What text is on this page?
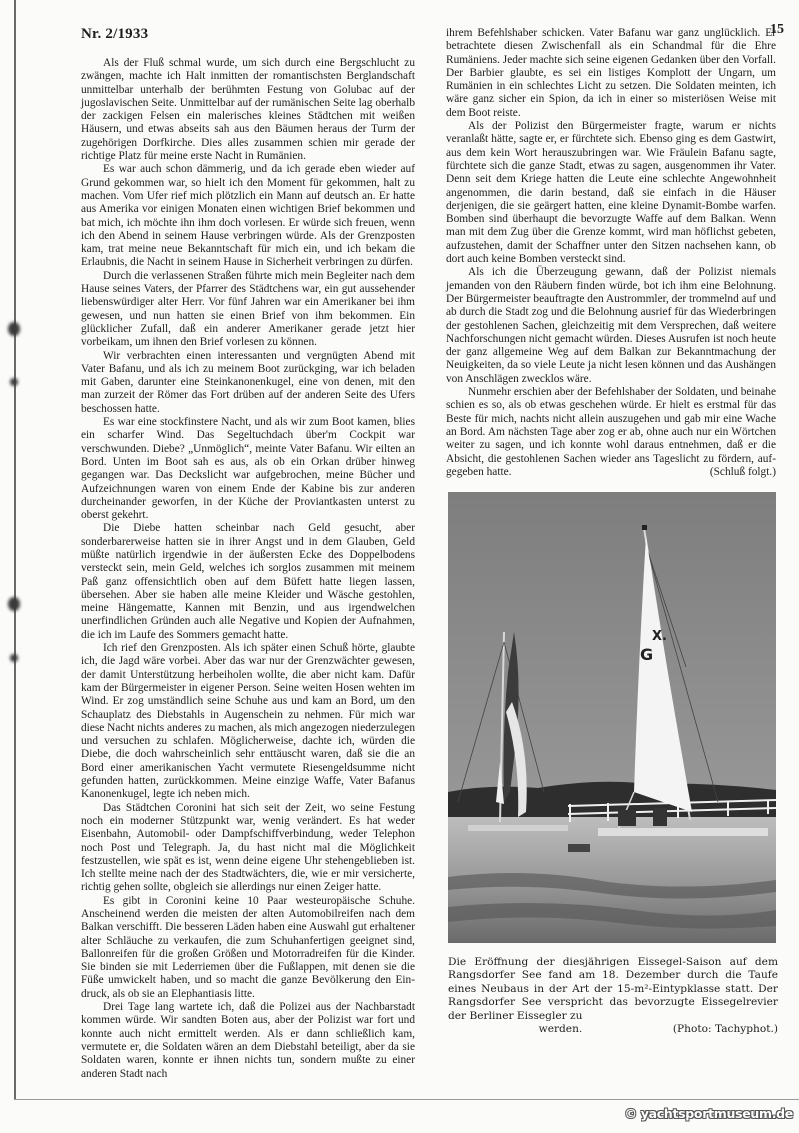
Nr. 2/1933	15

Als der Fluß schmal wurde, um sich durch eine Bergschlucht zu zwängen, machte ich Halt inmitten der romantischsten Berglandschaft unmittelbar unterhalb der berühmten Festung von Golubac auf der jugoslavischen Seite. Unmittelbar auf der rumänischen Seite lag oberhalb der zackigen Felsen ein malerisches kleines Städtchen mit weißen Häusern, und etwas abseits sah aus den Bäumen heraus der Turm der zugehörigen Dorfkirche. Dies alles zusammen schien mir gerade der richtige Platz für meine erste Nacht in Rumänien.

Es war auch schon dämmerig, und da ich gerade eben wieder auf Grund gekommen war, so hielt ich den Moment für gekommen, halt zu machen. Vom Ufer rief mich plötzlich ein Mann auf deutsch an. Er hatte aus Amerika vor einigen Monaten einen wichtigen Brief bekommen und bat mich, ich möchte ihn ihm doch vorlesen. Er würde sich freuen, wenn ich den Abend in seinem Hause verbringen würde. Als der Grenzposten kam, trat meine neue Bekanntschaft für mich ein, und ich bekam die Erlaubnis, die Nacht in seinem Hause in Sicherheit verbringen zu dürfen.

Durch die verlassenen Straßen führte mich mein Begleiter nach dem Hause seines Vaters, der Pfarrer des Städtchens war, ein gut aussehender liebenswürdiger alter Herr. Vor fünf Jahren war ein Amerikaner bei ihm gewesen, und nun hatten sie einen Brief von ihm bekommen. Ein glücklicher Zufall, daß ein anderer Amerikaner gerade jetzt hier vorbeikam, um ihnen den Brief vorlesen zu können.

Wir verbrachten einen interessanten und vergnügten Abend mit Vater Bafanu, und als ich zu meinem Boot zurückging, war ich beladen mit Gaben, darunter eine Steinkanonenkugel, eine von denen, mit den man zurzeit der Römer das Fort drüben auf der anderen Seite des Ufers beschossen hatte.

Es war eine stockfinstere Nacht, und als wir zum Boot kamen, blies ein scharfer Wind. Das Segeltuchdach über'm Cockpit war verschwunden. Diebe? „Unmöglich“, meinte Vater Bafanu. Wir eilten an Bord. Unten im Boot sah es aus, als ob ein Orkan drüber hinweg gegangen war. Das Deckslicht war aufgebrochen, meine Bücher und Aufzeichnungen waren von einem Ende der Kabine bis zur anderen durcheinander geworfen, in der Küche der Proviantkasten unterst zu oberst gekehrt.

Die Diebe hatten scheinbar nach Geld gesucht, aber sonderbarerweise hatten sie in ihrer Angst und in dem Glauben, Geld müßte natürlich irgendwie in der äußersten Ecke des Doppelbodens versteckt sein, mein Geld, welches ich sorglos zusammen mit meinem Paß ganz offensichtlich oben auf dem Büfett hatte liegen lassen, übersehen. Aber sie haben alle meine Kleider und Wäsche gestohlen, meine Hängematte, Kannen mit Benzin, und aus irgendwelchen unerfindlichen Gründen auch alle Negative und Kopien der Aufnahmen, die ich im Laufe des Sommers gemacht hatte.

Ich rief den Grenzposten. Als ich später einen Schuß hörte, glaubte ich, die Jagd wäre vorbei. Aber das war nur der Grenzwächter gewesen, der damit Unterstützung herbeiholen wollte, die aber nicht kam. Dafür kam der Bürgermeister in eigener Person. Seine weiten Hosen wehten im Wind. Er zog umständlich seine Schuhe aus und kam an Bord, um den Schauplatz des Diebstahls in Augenschein zu nehmen. Für mich war diese Nacht nichts anderes zu machen, als mich angezogen niederzulegen und versuchen zu schlafen. Möglicherweise, dachte ich, würden die Diebe, die doch wahrscheinlich sehr enttäuscht waren, daß sie die an Bord einer amerikanischen Yacht vermutete Riesengeldsumme nicht gefunden hatten, zurückkommen. Meine einzige Waffe, Vater Bafanus Kanonenkugel, legte ich neben mich.

Das Städtchen Coronini hat sich seit der Zeit, wo seine Festung noch ein moderner Stützpunkt war, wenig verändert. Es hat weder Eisenbahn, Automobil- oder Dampfschiffverbindung, weder Telephon noch Post und Telegraph. Ja, du hast nicht mal die Möglichkeit festzustellen, wie spät es ist, wenn deine eigene Uhr stehengeblieben ist. Ich stellte meine nach der des Stadtwächters, die, wie er mir versicherte, richtig gehen sollte, obgleich sie allerdings nur einen Zeiger hatte.

Es gibt in Coronini keine 10 Paar westeuropäische Schuhe. Anscheinend werden die meisten der alten Automobilreifen nach dem Balkan verschifft. Die besseren Läden haben eine Auswahl gut erhaltener alter Schläuche zu verkaufen, die zum Schuhanfertigen geeignet sind, Ballonreifen für die großen Größen und Motorradreifen für die Kinder. Sie binden sie mit Lederriemen über die Fußlappen, mit denen sie die Füße umwickelt haben, und so macht die ganze Bevölkerung den Eindruck, als ob sie an Elephantiasis litte.

Drei Tage lang wartete ich, daß die Polizei aus der Nachbarstadt kommen würde. Wir sandten Boten aus, aber der Polizist war fort und konnte auch nicht ermittelt werden. Als er dann schließlich kam, vermutete er, die Soldaten wären an dem Diebstahl beteiligt, aber da sie Soldaten waren, konnte er ihnen nichts tun, sondern mußte zu einer anderen Stadt nach

ihrem Befehlshaber schicken. Vater Bafanu war ganz unglücklich. Er betrachtete diesen Zwischenfall als ein Schandmal für die Ehre Rumäniens. Jeder machte sich seine eigenen Gedanken über den Vorfall. Der Barbier glaubte, es sei ein listiges Komplott der Ungarn, um Rumänien in ein schlechtes Licht zu setzen. Die Soldaten meinten, ich wäre ganz sicher ein Spion, da ich in einer so misteriösen Weise mit dem Boot reiste.

Als der Polizist den Bürgermeister fragte, warum er nichts veranlaßt hätte, sagte er, er fürchtete sich. Ebenso ging es dem Gastwirt, aus dem kein Wort herauszubringen war. Wie Fräulein Bafanu sagte, fürchtete sich die ganze Stadt, etwas zu sagen, ausgenommen ihr Vater. Denn seit dem Kriege hatten die Leute eine schlechte Angewohnheit angenommen, die darin bestand, daß sie einfach in die Häuser derjenigen, die sie geärgert hatten, eine kleine Dynamit-Bombe warfen. Bomben sind überhaupt die bevorzugte Waffe auf dem Balkan. Wenn man mit dem Zug über die Grenze kommt, wird man höflichst gebeten, aufzustehen, damit der Schaffner unter den Sitzen nachsehen kann, ob dort auch keine Bomben versteckt sind.

Als ich die Überzeugung gewann, daß der Polizist niemals jemanden von den Räubern finden würde, bot ich ihm eine Belohnung. Der Bürgermeister beauftragte den Austrommler, der trommelnd auf und ab durch die Stadt zog und die Belohnung ausrief für das Wiederbringen der gestohlenen Sachen, gleichzeitig mit dem Versprechen, daß weitere Nachforschungen nicht gemacht würden. Dieses Ausrufen ist noch heute der ganz allgemeine Weg auf dem Balkan zur Bekanntmachung der Neuigkeiten, da so viele Leute ja nicht lesen können und das Aushängen von Anschlägen zwecklos wäre.

Nunmehr erschien aber der Befehlshaber der Soldaten, und beinahe schien es so, als ob etwas geschehen würde. Er hielt es erstmal für das Beste für mich, nachts nicht allein auszugehen und gab mir eine Wache an Bord. Am nächsten Tage aber zog er ab, ohne auch nur ein Wörtchen weiter zu sagen, und ich konnte wohl daraus entnehmen, daß er die Absicht, die gestohlenen Sachen wieder ans Tageslicht zu fördern, aufgegeben hatte.	(Schluß folgt.)

G
X.
Die Eröffnung der diesjährigen Eissegel-Saison auf dem Rangsdorfer See fand am 18. Dezember durch die Taufe eines Neubaus in der Art der 15-m²-Eintypklasse statt. Der Rangsdorfer See verspricht das bevorzugte Eissegelrevier der Berliner Eissegler zu
werden.	(Photo: Tachyphot.)
© yachtsportmuseum.de
